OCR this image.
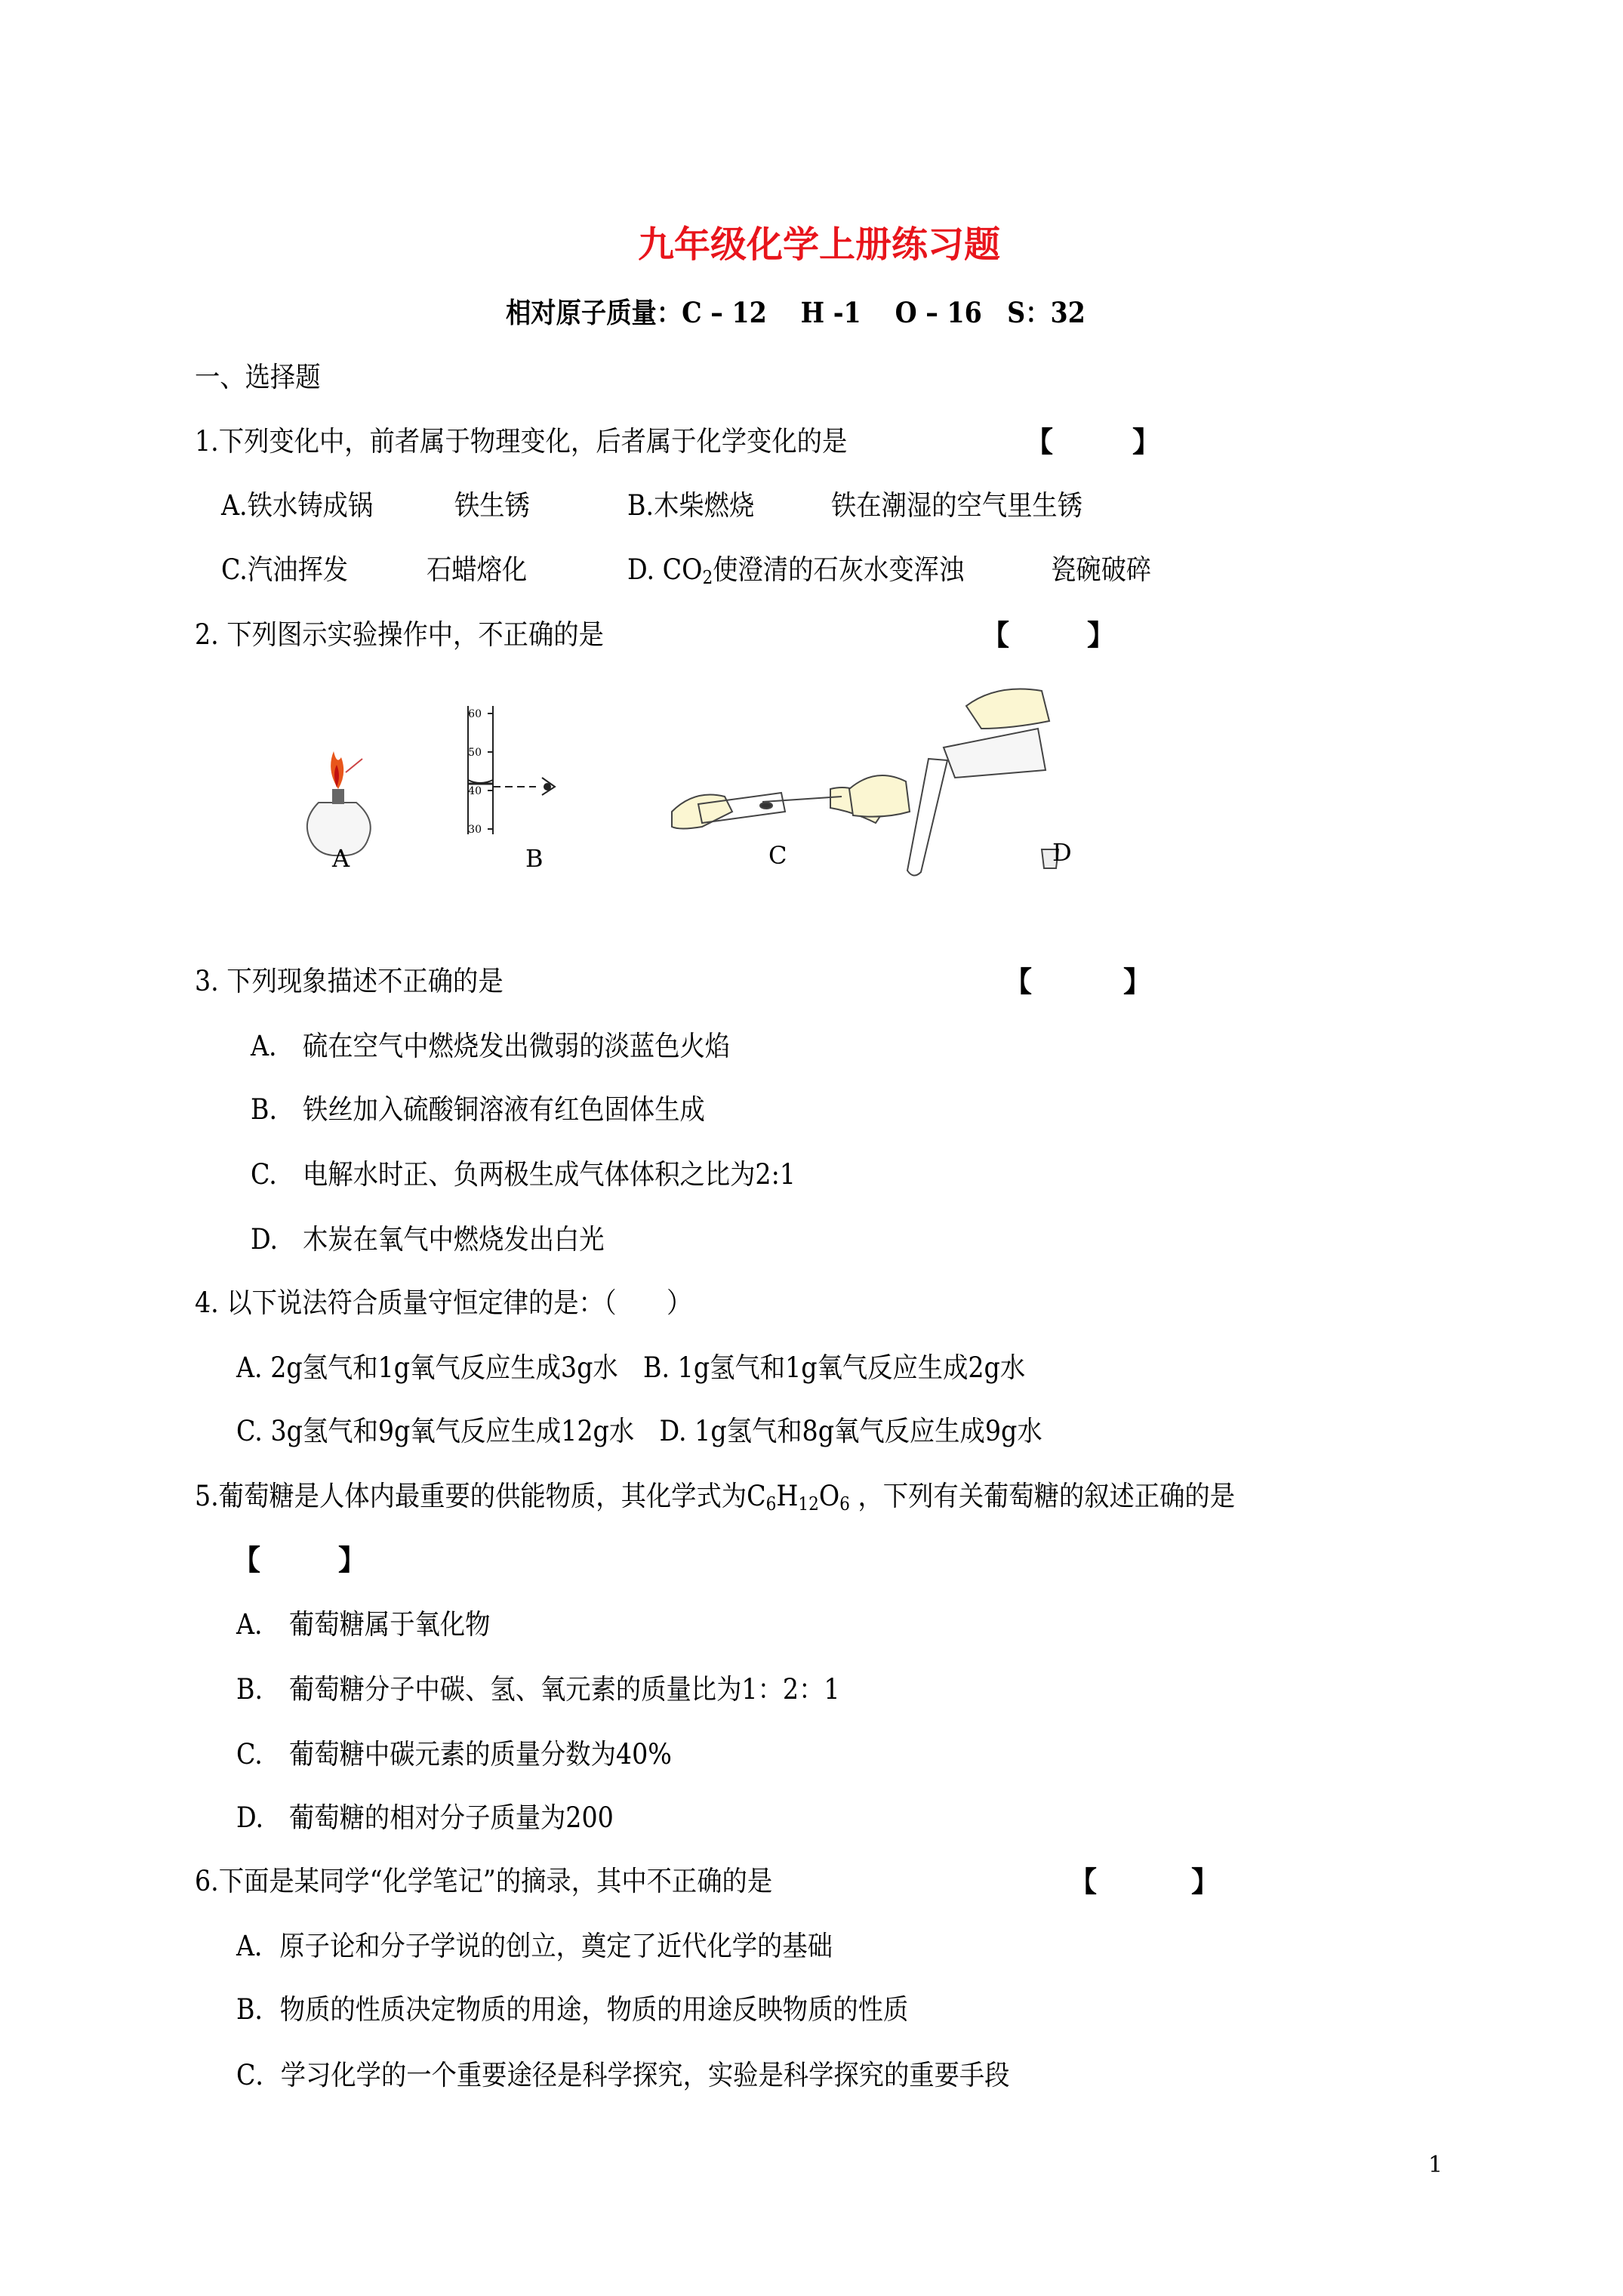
九年级化学上册练习题
相对原子质量：C – 12　 H -1　 O – 16　S：32
一、选择题
1.下列变化中，前者属于物理变化，后者属于化学变化的是	【	】
A.铁水铸成锅	铁生锈	B.木柴燃烧	铁在潮湿的空气里生锈
C.汽油挥发	石蜡熔化	D. $CO_2$使澄清的石灰水变浑浊	瓷碗破碎
2. 下列图示实验操作中，不正确的是	【	】
60
50
40
30
A	B	C	D
3. 下列现象描述不正确的是	【	】
A. 硫在空气中燃烧发出微弱的淡蓝色火焰
B. 铁丝加入硫酸铜溶液有红色固体生成
C. 电解水时正、负两极生成气体体积之比为2:1
D. 木炭在氧气中燃烧发出白光
4. 以下说法符合质量守恒定律的是：（　　）
A. 2g氢气和1g氧气反应生成3g水　B. 1g氢气和1g氧气反应生成2g水
C. 3g氢气和9g氧气反应生成12g水　D. 1g氢气和8g氧气反应生成9g水
5.葡萄糖是人体内最重要的供能物质，其化学式为$C_6H_{12}O_6$ ，下列有关葡萄糖的叙述正确的是
【	】
A. 葡萄糖属于氧化物
B. 葡萄糖分子中碳、氢、氧元素的质量比为1：2：1
C. 葡萄糖中碳元素的质量分数为40%
D. 葡萄糖的相对分子质量为200
6.下面是某同学“化学笔记”的摘录，其中不正确的是	【	】
A．原子论和分子学说的创立，奠定了近代化学的基础
B．物质的性质决定物质的用途，物质的用途反映物质的性质
C．学习化学的一个重要途径是科学探究，实验是科学探究的重要手段
1
